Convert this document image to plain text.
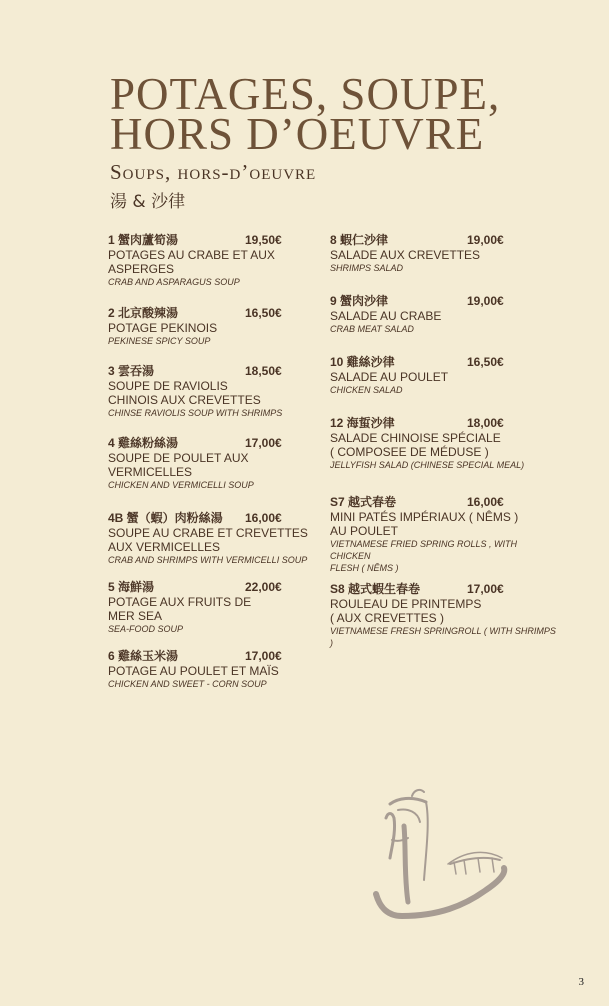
POTAGES, SOUPE,
HORS D’OEUVRE
Soups, hors-d’oeuvre
湯 & 沙律
1 蟹肉蘆筍湯	19,50€
POTAGES AU CRABE ET AUX
ASPERGES
CRAB AND ASPARAGUS SOUP
2 北京酸辣湯	16,50€
POTAGE PEKINOIS
PEKINESE SPICY SOUP
3 雲吞湯	18,50€
SOUPE DE RAVIOLIS
CHINOIS AUX CREVETTES
CHINSE RAVIOLIS SOUP WITH SHRIMPS
4 雞絲粉絲湯	17,00€
SOUPE DE POULET AUX
VERMICELLES
CHICKEN AND VERMICELLI SOUP
4B 蟹（蝦）肉粉絲湯 16,00€
SOUPE AU CRABE ET CREVETTES
AUX VERMICELLES
CRAB AND SHRIMPS WITH VERMICELLI SOUP
5 海鮮湯	22,00€
POTAGE AUX FRUITS DE
MER SEA
SEA-FOOD SOUP
6 雞絲玉米湯	17,00€
POTAGE AU POULET ET MAÏS
CHICKEN AND SWEET - CORN SOUP
8 蝦仁沙律	19,00€
SALADE AUX CREVETTES
SHRIMPS SALAD
9 蟹肉沙律	19,00€
SALADE AU CRABE
CRAB MEAT SALAD
10 雞絲沙律	16,50€
SALADE AU POULET
CHICKEN SALAD
12 海蜇沙律	18,00€
SALADE CHINOISE SPÉCIALE
( COMPOSEE DE MÉDUSE )
JELLYFISH SALAD (CHINESE SPECIAL MEAL)
S7 越式春卷	16,00€
MINI PATÉS IMPÉRIAUX ( NÊMS )
AU POULET
VIETNAMESE FRIED SPRING ROLLS , WITH CHICKEN
FLESH ( NÊMS )
S8 越式蝦生春卷	17,00€
ROULEAU DE PRINTEMPS
( AUX CREVETTES )
VIETNAMESE FRESH SPRINGROLL ( WITH SHRIMPS )
3
